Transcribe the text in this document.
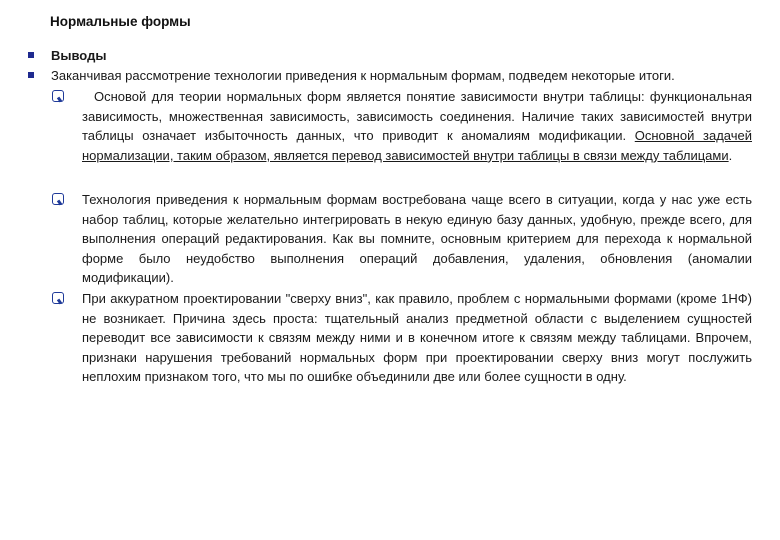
Нормальные формы
Выводы
Заканчивая рассмотрение технологии приведения к нормальным формам, подведем некоторые итоги.
Основой для теории нормальных форм является понятие зависимости внутри таблицы: функциональная зависимость, множественная зависимость, зависимость соединения. Наличие таких зависимостей внутри таблицы означает избыточность данных, что приводит к аномалиям модификации. Основной задачей нормализации, таким образом, является перевод зависимостей внутри таблицы в связи между таблицами.
Технология приведения к нормальным формам востребована чаще всего в ситуации, когда у нас уже есть набор таблиц, которые желательно интегрировать в некую единую базу данных, удобную, прежде всего, для выполнения операций редактирования. Как вы помните, основным критерием для перехода к нормальной форме было неудобство выполнения операций добавления, удаления, обновления (аномалии модификации).
При аккуратном проектировании "сверху вниз", как правило, проблем с нормальными формами (кроме 1НФ) не возникает. Причина здесь проста: тщательный анализ предметной области с выделением сущностей переводит все зависимости к связям между ними и в конечном итоге к связям между таблицами. Впрочем, признаки нарушения требований нормальных форм при проектировании сверху вниз могут послужить неплохим признаком того, что мы по ошибке объединили две или более сущности в одну.
